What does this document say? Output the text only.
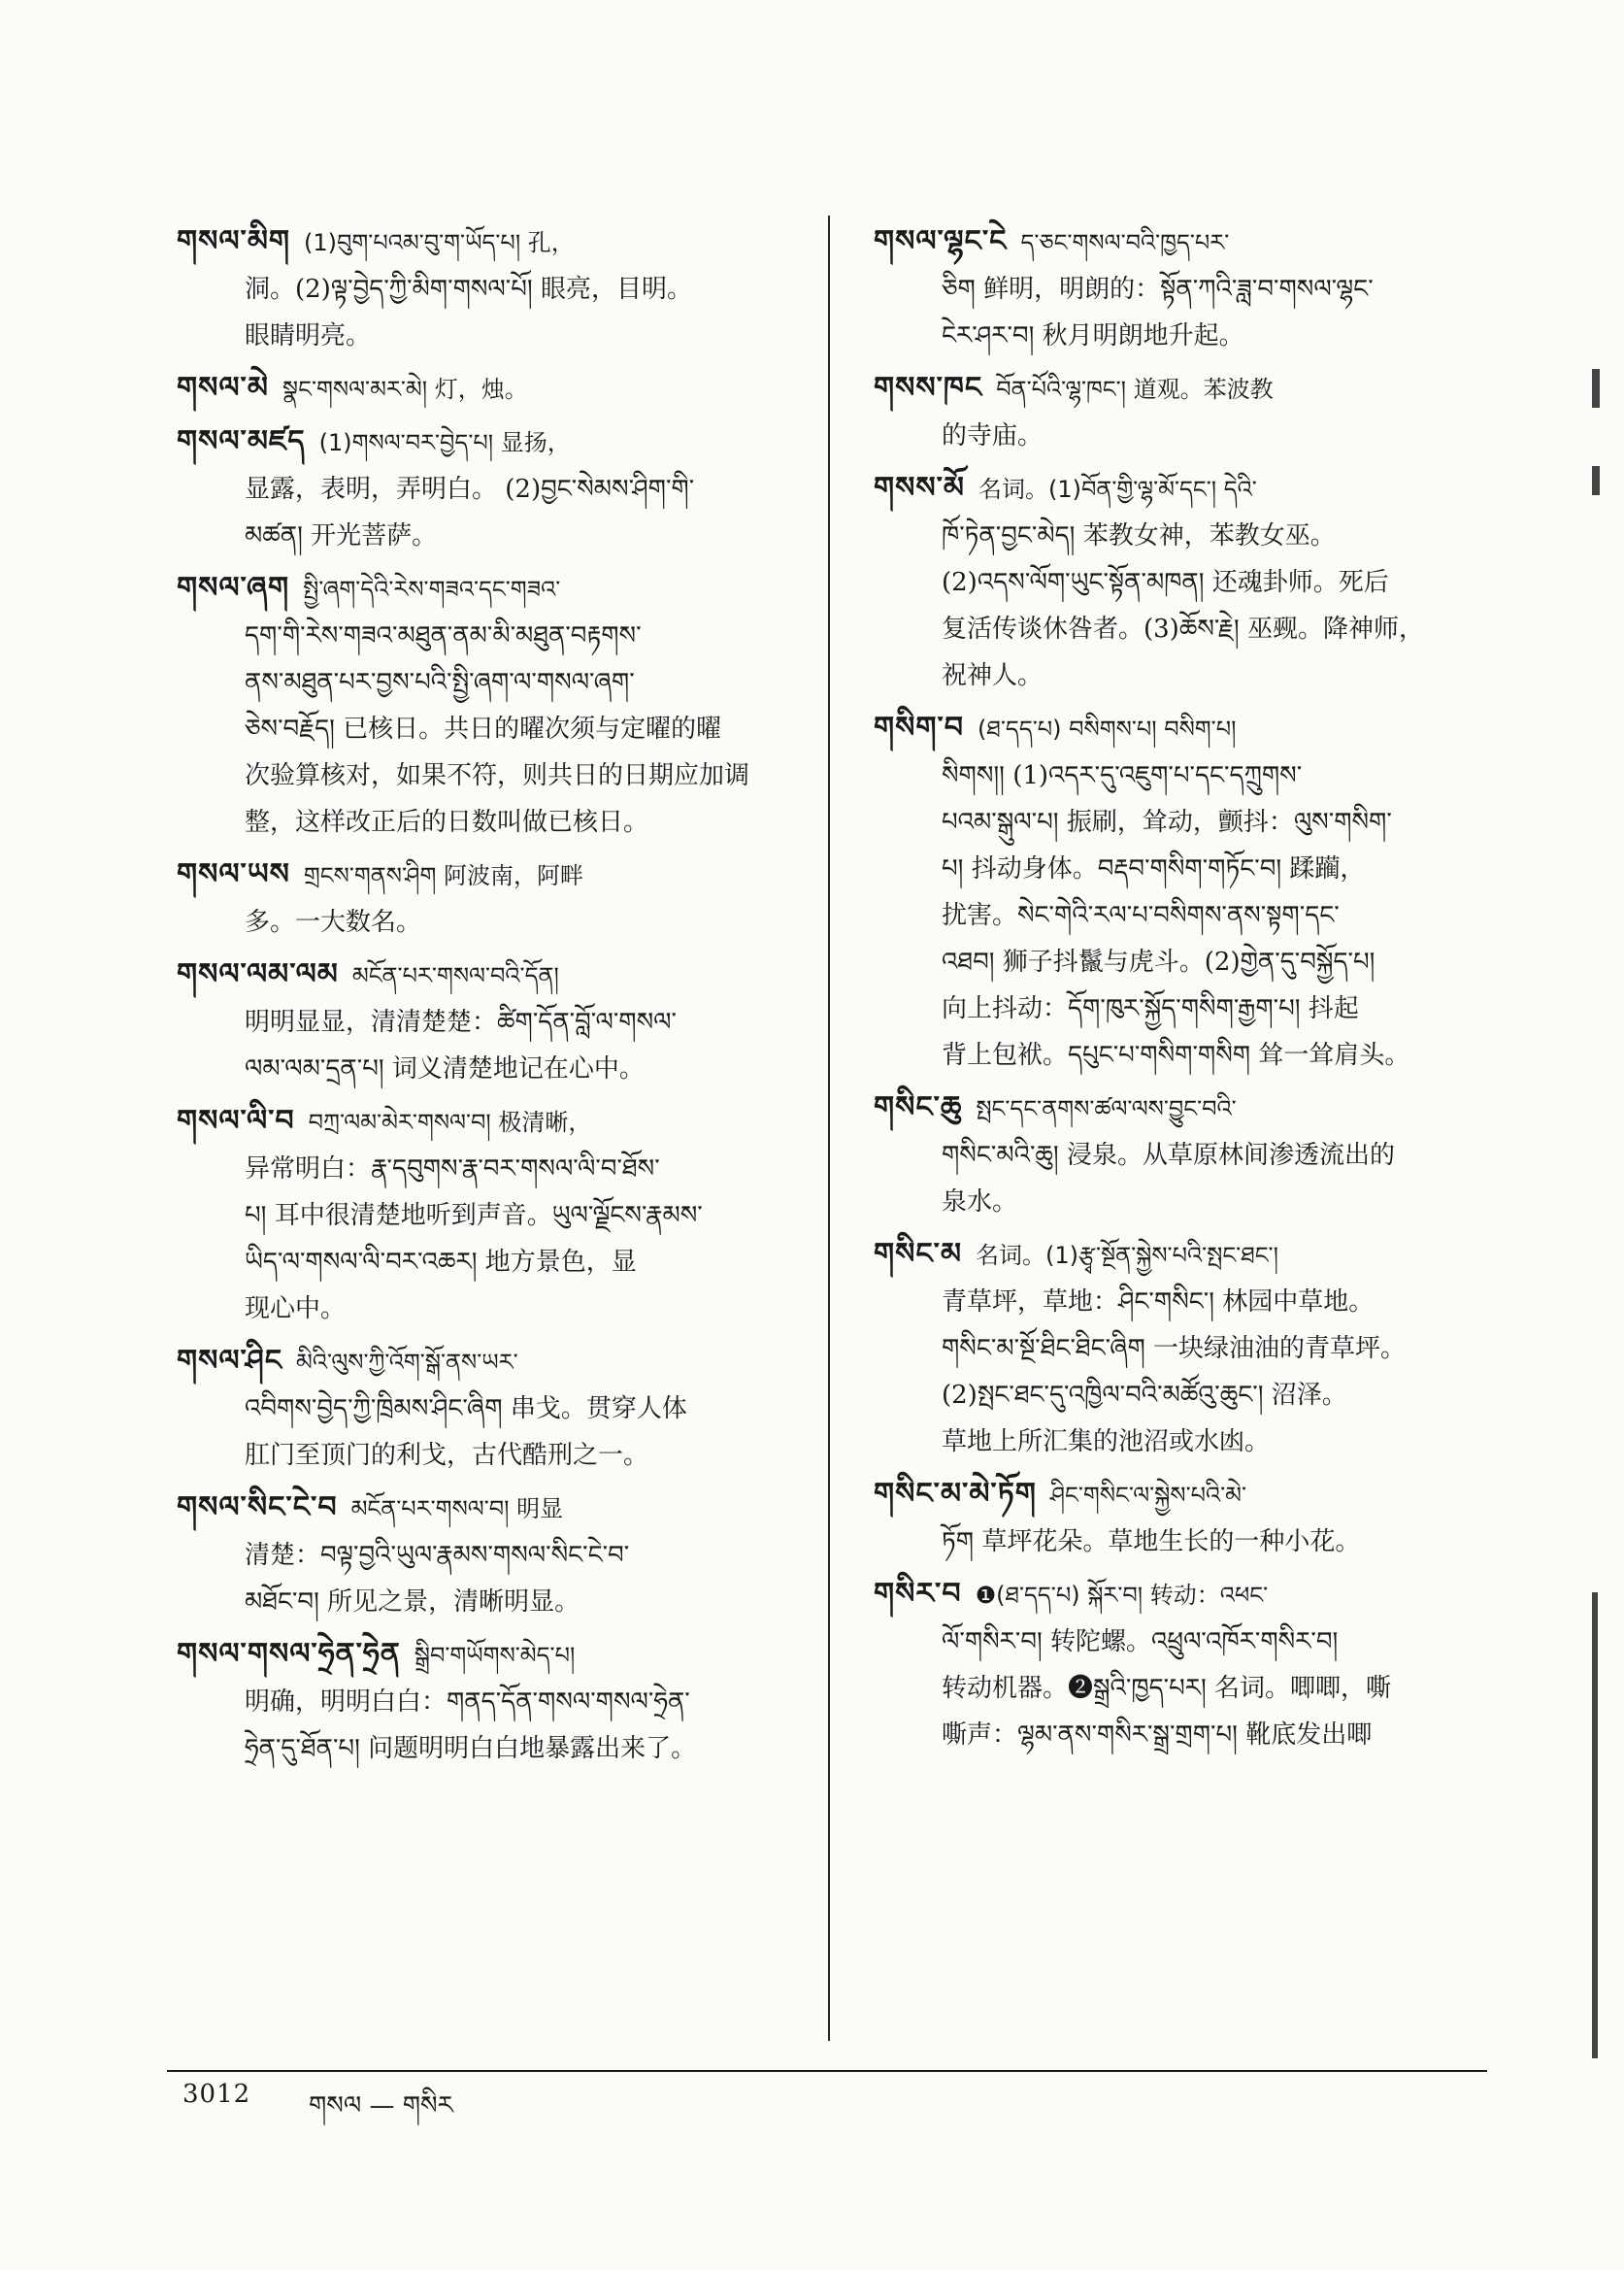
གསལ་མིག (1)བུག་པའམ་བུ་ག་ཡོད་པ། 孔，

洞。(2)ལྟ་བྱེད་ཀྱི་མིག་གསལ་པོ། 眼亮，目明。

眼睛明亮。

གསལ་མེ སྣང་གསལ་མར་མེ། 灯，烛。

གསལ་མཛད (1)གསལ་བར་བྱེད་པ། 显扬，

显露，表明，弄明白。 (2)བྱང་སེམས་ཤིག་གི་

མཚན། 开光菩萨。

གསལ་ཞག སྤྱི་ཞག་དེའི་རེས་གཟའ་དང་གཟའ་

དག་གི་རེས་གཟའ་མཐུན་ནམ་མི་མཐུན་བརྟགས་

ནས་མཐུན་པར་བྱས་པའི་སྤྱི་ཞག་ལ་གསལ་ཞག་

ཅེས་བརྗོད། 已核日。共日的曜次须与定曜的曜

次验算核对，如果不符，则共日的日期应加调

整，这样改正后的日数叫做已核日。

གསལ་ཡས གྲངས་གནས་ཤིག 阿波南，阿畔

多。一大数名。

གསལ་ལམ་ལམ མངོན་པར་གསལ་བའི་དོན།

明明显显，清清楚楚：ཚིག་དོན་བློ་ལ་གསལ་

ལམ་ལམ་དྲན་པ། 词义清楚地记在心中。

གསལ་ལི་བ བཀྲ་ལམ་མེར་གསལ་བ། 极清晰，

异常明白：རྣ་དབུགས་རྣ་བར་གསལ་ལི་བ་ཐོས་

པ། 耳中很清楚地听到声音。ཡུལ་ལྗོངས་རྣམས་

ཡིད་ལ་གསལ་ལི་བར་འཆར། 地方景色，显

现心中。

གསལ་ཤིང མིའི་ལུས་ཀྱི་འོག་སྒོ་ནས་ཡར་

འབིགས་བྱེད་ཀྱི་ཁྲིམས་ཤིང་ཞིག 串戈。贯穿人体

肛门至顶门的利戈，古代酷刑之一。

གསལ་སིང་ངེ་བ མངོན་པར་གསལ་བ། 明显

清楚：བལྟ་བྱའི་ཡུལ་རྣམས་གསལ་སིང་ངེ་བ་

མཐོང་བ། 所见之景，清晰明显。

གསལ་གསལ་ཧྲེན་ཧྲེན སྒྲིབ་གཡོགས་མེད་པ།

明确，明明白白：གནད་དོན་གསལ་གསལ་ཧྲེན་

ཧྲེན་དུ་ཐོན་པ། 问题明明白白地暴露出来了。

གསལ་ལྷང་ངེ ད་ཅང་གསལ་བའི་ཁྱད་པར་

ཅིག 鲜明，明朗的：སྟོན་ཀའི་ཟླ་བ་གསལ་ལྷང་

ངེར་ཤར་བ། 秋月明朗地升起。

གསས་ཁང བོན་པོའི་ལྷ་ཁང་། 道观。苯波教

的寺庙。

གསས་མོ 名词。(1)བོན་གྱི་ལྷ་མོ་དང་། དེའི་

ཁོ་ཏེན་བྱང་མེད། 苯教女神，苯教女巫。

(2)འདས་ལོག་ཡུང་སྟོན་མཁན། 还魂卦师。死后

复活传谈休咎者。(3)ཆོས་རྗེ། 巫觋。降神师，

祝神人。

གསིག་བ (ཐ་དད་པ) བསིགས་པ། བསིག་པ།

སིགས།། (1)འདར་དུ་འཇུག་པ་དང་དཀྲུགས་

པའམ་སྒུལ་པ། 振刷，耸动，颤抖：ལུས་གསིག་

པ། 抖动身体。བརྡབ་གསིག་གཏོང་བ། 蹂躏，

扰害。སེང་གེའི་རལ་པ་བསིགས་ནས་སྟག་དང་

འཐབ། 狮子抖鬣与虎斗。(2)གྱེན་དུ་བསྐྱོད་པ།

向上抖动：དོག་ཁུར་སྐྱོད་གསིག་རྒྱག་པ། 抖起

背上包袱。དཔུང་པ་གསིག་གསིག 耸一耸肩头。

གསིང་ཆུ སྤང་དང་ནགས་ཚལ་ལས་བྱུང་བའི་

གསིང་མའི་ཆུ། 浸泉。从草原林间渗透流出的

泉水。

གསིང་མ 名词。(1)རྩྭ་སྔོན་སྐྱེས་པའི་སྤང་ཐང་།

青草坪，草地：ཤིང་གསིང་། 林园中草地。

གསིང་མ་སྔོ་ཐིང་ཐིང་ཞིག 一块绿油油的青草坪。

(2)སྤང་ཐང་དུ་འཁྱིལ་བའི་མཚོའུ་ཆུང་། 沼泽。

草地上所汇集的池沼或水凼。

གསིང་མ་མེ་ཏོག ཤིང་གསིང་ལ་སྐྱེས་པའི་མེ་

ཏོག 草坪花朵。草地生长的一种小花。

གསིར་བ ❶(ཐ་དད་པ) སྐོར་བ། 转动：འཕང་

ལོ་གསིར་བ། 转陀螺。འཕྲུལ་འཁོར་གསིར་བ།

转动机器。❷སྒྲའི་ཁྱད་པར། 名词。唧唧，嘶

嘶声：ལྷམ་ནས་གསིར་སྒྲ་གྲག་པ། 靴底发出唧

3012 གསལ — གསིར
